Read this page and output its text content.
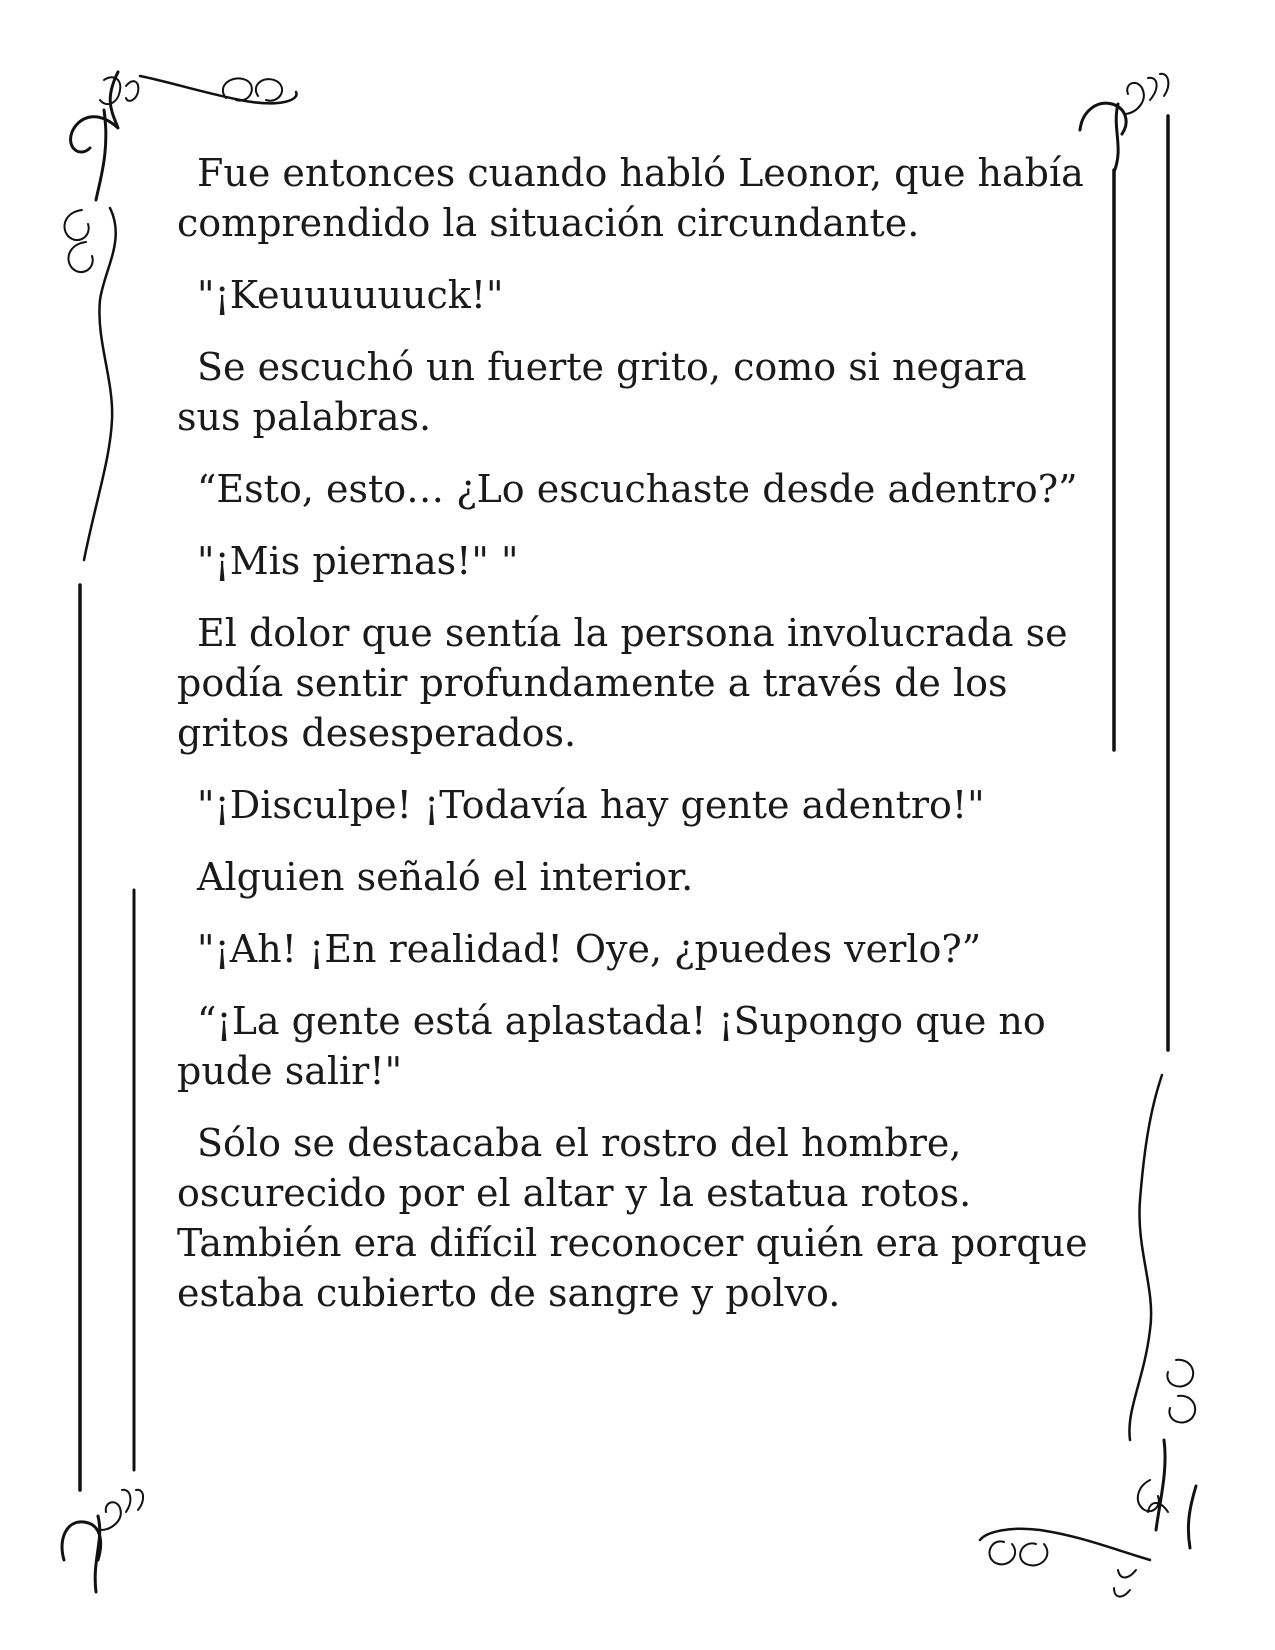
Fue entonces cuando habló Leonor, que había
comprendido la situación circundante.

"¡Keuuuuuuck!"

Se escuchó un fuerte grito, como si negara
sus palabras.

“Esto, esto… ¿Lo escuchaste desde adentro?”

"¡Mis piernas!" "

El dolor que sentía la persona involucrada se
podía sentir profundamente a través de los
gritos desesperados.

"¡Disculpe! ¡Todavía hay gente adentro!"

Alguien señaló el interior.

"¡Ah! ¡En realidad! Oye, ¿puedes verlo?”

“¡La gente está aplastada! ¡Supongo que no
pude salir!"

Sólo se destacaba el rostro del hombre,
oscurecido por el altar y la estatua rotos.
También era difícil reconocer quién era porque
estaba cubierto de sangre y polvo.
